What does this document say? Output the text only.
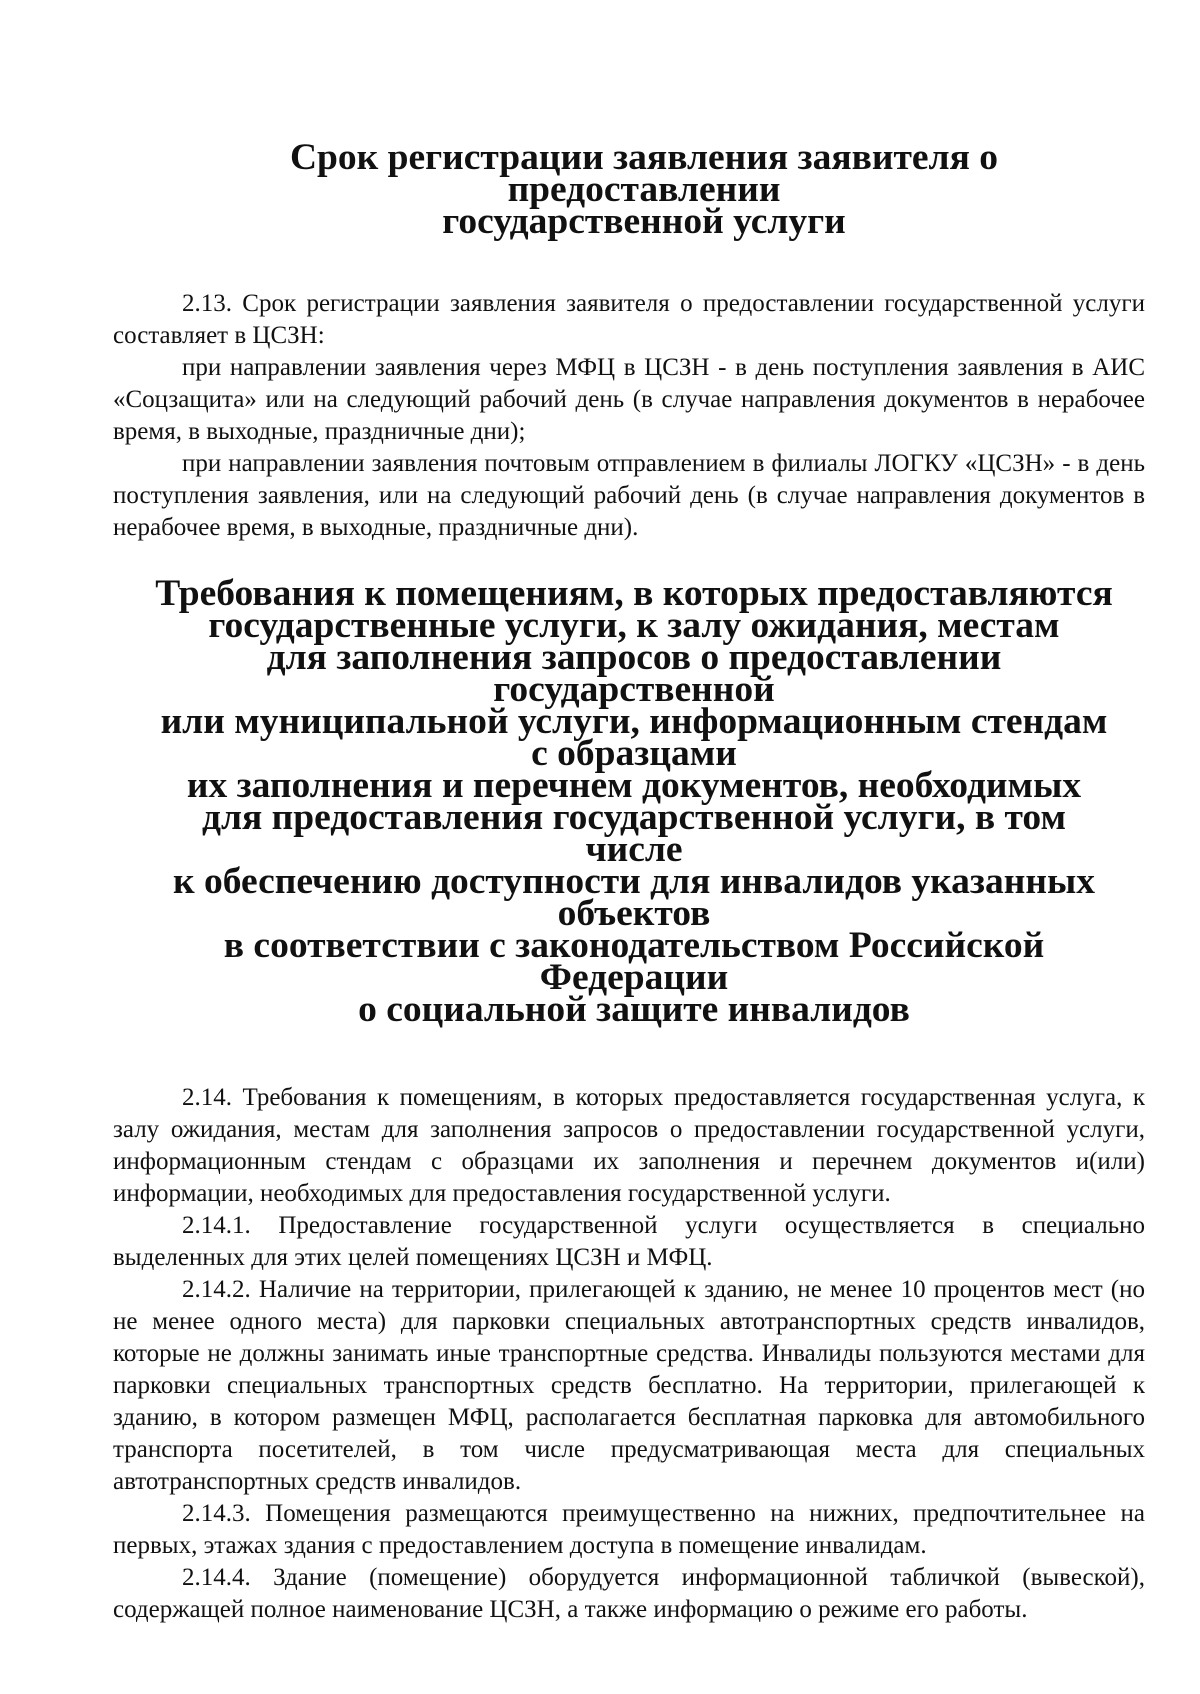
Срок регистрации заявления заявителя о предоставлении
государственной услуги

2.13. Срок регистрации заявления заявителя о предоставлении государственной услуги составляет в ЦСЗН:

при направлении заявления через МФЦ в ЦСЗН - в день поступления заявления в АИС «Соцзащита» или на следующий рабочий день (в случае направления документов в нерабочее время, в выходные, праздничные дни);

при направлении заявления почтовым отправлением в филиалы ЛОГКУ «ЦСЗН» - в день поступления заявления, или на следующий рабочий день (в случае направления документов в нерабочее время, в выходные, праздничные дни).

Требования к помещениям, в которых предоставляются
государственные услуги, к залу ожидания, местам
для заполнения запросов о предоставлении государственной
или муниципальной услуги, информационным стендам с образцами
их заполнения и перечнем документов, необходимых
для предоставления государственной услуги, в том числе
к обеспечению доступности для инвалидов указанных объектов
в соответствии с законодательством Российской Федерации
о социальной защите инвалидов

2.14. Требования к помещениям, в которых предоставляется государственная услуга, к залу ожидания, местам для заполнения запросов о предоставлении государственной услуги, информационным стендам с образцами их заполнения и перечнем документов и(или) информации, необходимых для предоставления государственной услуги.

2.14.1. Предоставление государственной услуги осуществляется в специально выделенных для этих целей помещениях ЦСЗН и МФЦ.

2.14.2. Наличие на территории, прилегающей к зданию, не менее 10 процентов мест (но не менее одного места) для парковки специальных автотранспортных средств инвалидов, которые не должны занимать иные транспортные средства. Инвалиды пользуются местами для парковки специальных транспортных средств бесплатно. На территории, прилегающей к зданию, в котором размещен МФЦ, располагается бесплатная парковка для автомобильного транспорта посетителей, в том числе предусматривающая места для специальных автотранспортных средств инвалидов.

2.14.3. Помещения размещаются преимущественно на нижних, предпочтительнее на первых, этажах здания с предоставлением доступа в помещение инвалидам.

2.14.4. Здание (помещение) оборудуется информационной табличкой (вывеской), содержащей полное наименование ЦСЗН, а также информацию о режиме его работы.
